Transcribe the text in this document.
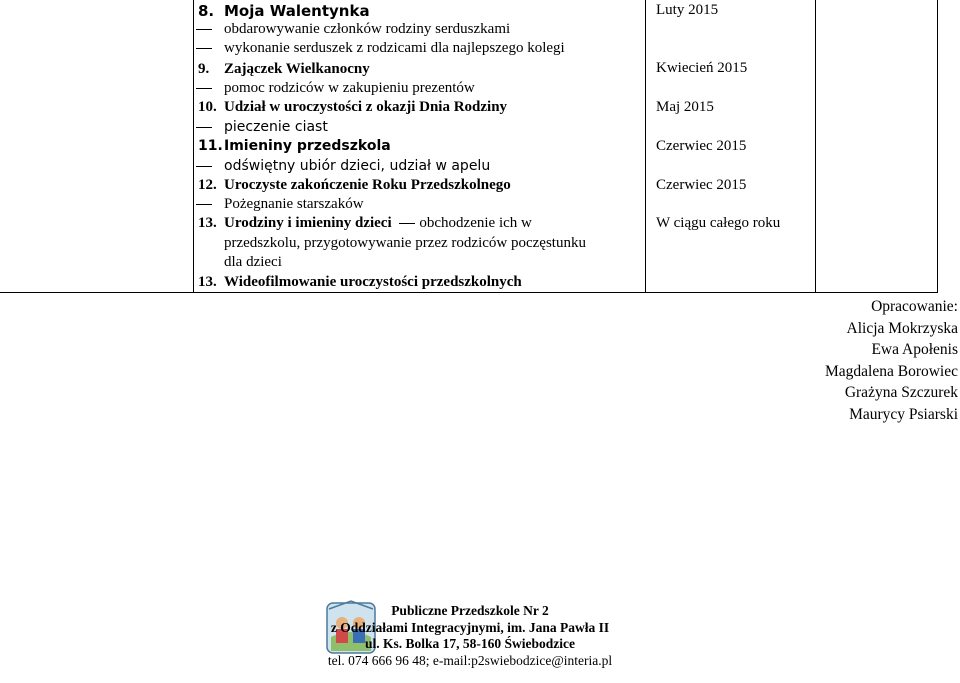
8. Moja Walentynka
obdarowywanie członków rodziny serduszkami
wykonanie serduszek z rodzicami dla najlepszego kolegi
Luty 2015
9. Zajączek Wielkanocny
pomoc rodziców w zakupieniu prezentów
Kwiecień 2015
10. Udział w uroczystości z okazji Dnia Rodziny
pieczenie ciast
Maj 2015
11. Imieniny przedszkola
odświętny ubiór dzieci, udział w apelu
Czerwiec 2015
12. Uroczyste zakończenie Roku Przedszkolnego
Pożegnanie starszaków
Czerwiec 2015
13. Urodziny i imieniny dzieci obchodzenie ich w
przedszkolu, przygotowywanie przez rodziców poczęstunku
dla dzieci
W ciągu całego roku
13. Wideofilmowanie uroczystości przedszkolnych
Opracowanie:
Alicja Mokrzyska
Ewa Apołenis
Magdalena Borowiec
Grażyna Szczurek
Maurycy Psiarski
Publiczne Przedszkole Nr 2
z Oddziałami Integracyjnymi, im. Jana Pawła II
ul. Ks. Bolka 17, 58-160 Świebodzice
tel. 074 666 96 48; e-mail:p2swiebodzice@interia.pl
